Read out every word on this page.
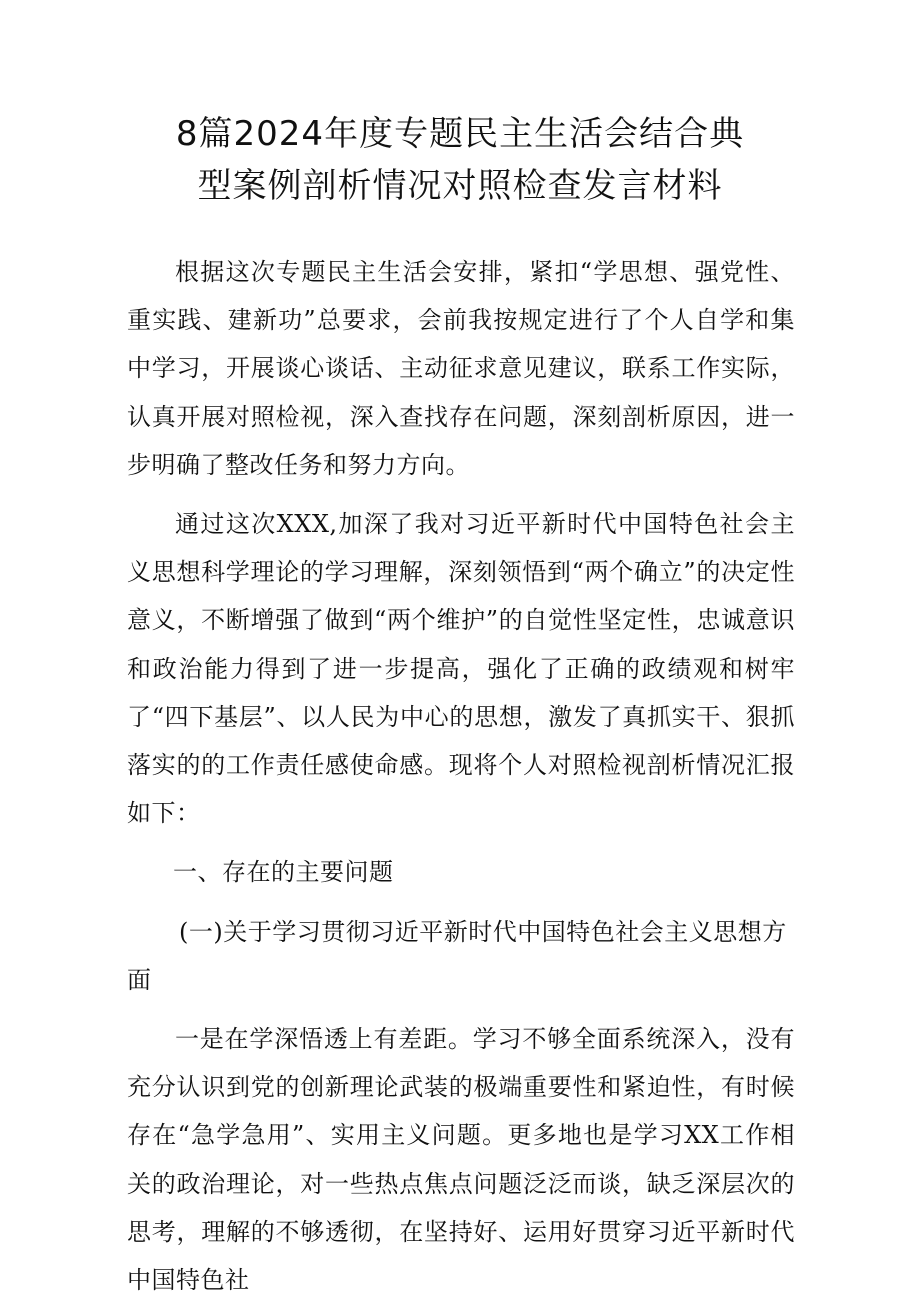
8篇2024年度专题民主生活会结合典
型案例剖析情况对照检查发言材料

根据这次专题民主生活会安排，紧扣“学思想、强党性、重实践、建新功”总要求，会前我按规定进行了个人自学和集中学习，开展谈心谈话、主动征求意见建议，联系工作实际，认真开展对照检视，深入查找存在问题，深刻剖析原因，进一步明确了整改任务和努力方向。

通过这次XXX,加深了我对习近平新时代中国特色社会主义思想科学理论的学习理解，深刻领悟到“两个确立”的决定性意义，不断增强了做到“两个维护”的自觉性坚定性，忠诚意识和政治能力得到了进一步提高，强化了正确的政绩观和树牢了“四下基层”、以人民为中心的思想，激发了真抓实干、狠抓落实的的工作责任感使命感。现将个人对照检视剖析情况汇报如下：

一、存在的主要问题

(一)关于学习贯彻习近平新时代中国特色社会主义思想方面

一是在学深悟透上有差距。学习不够全面系统深入，没有充分认识到党的创新理论武装的极端重要性和紧迫性，有时候存在“急学急用”、实用主义问题。更多地也是学习XX工作相关的政治理论，对一些热点焦点问题泛泛而谈，缺乏深层次的思考，理解的不够透彻，在坚持好、运用好贯穿习近平新时代中国特色社
